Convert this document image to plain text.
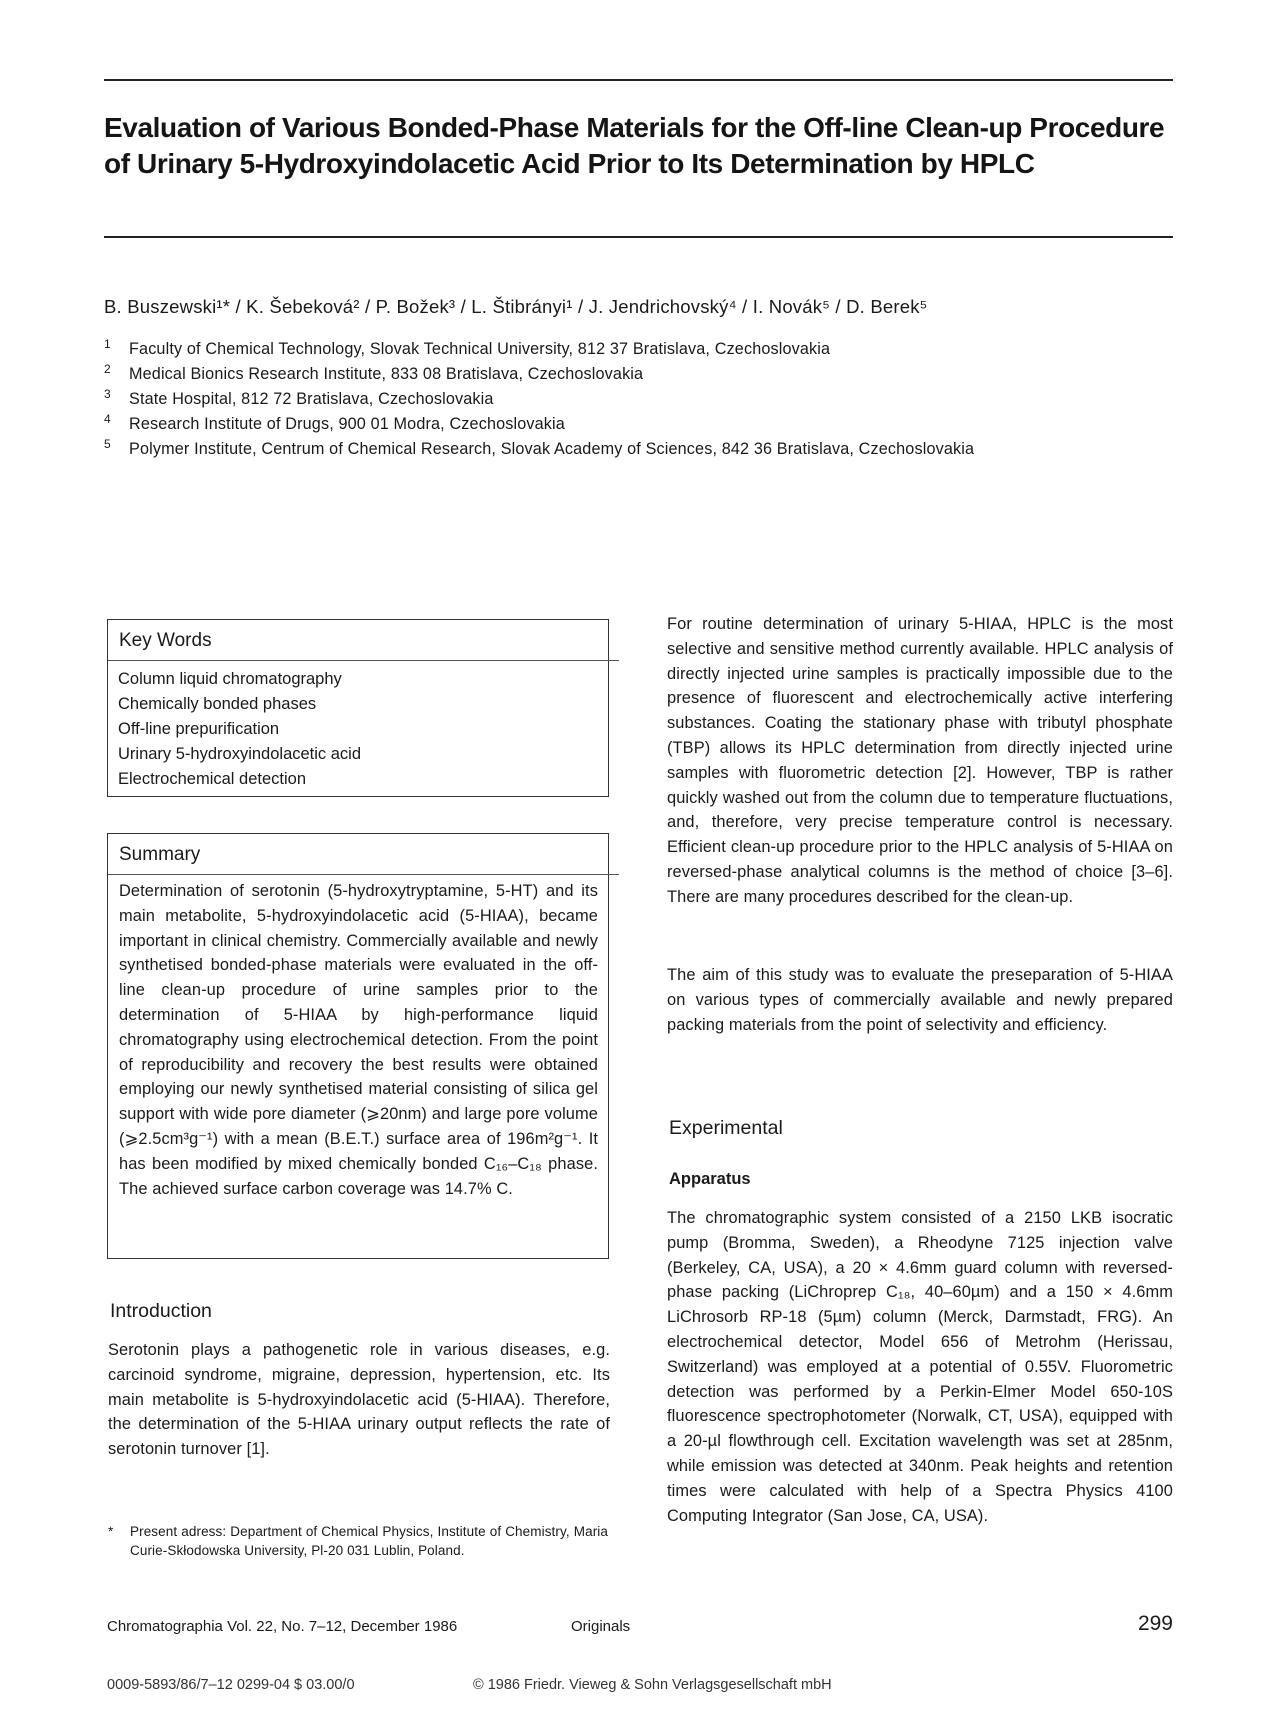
Evaluation of Various Bonded-Phase Materials for the Off-line Clean-up Procedure of Urinary 5-Hydroxyindolacetic Acid Prior to Its Determination by HPLC
B. Buszewski¹* / K. Šebeková² / P. Božek³ / L. Štibrányi¹ / J. Jendrichovský⁴ / I. Novák⁵ / D. Berek⁵
$^1$ Faculty of Chemical Technology, Slovak Technical University, 812 37 Bratislava, Czechoslovakia
$^2$ Medical Bionics Research Institute, 833 08 Bratislava, Czechoslovakia
$^3$ State Hospital, 812 72 Bratislava, Czechoslovakia
$^4$ Research Institute of Drugs, 900 01 Modra, Czechoslovakia
$^5$ Polymer Institute, Centrum of Chemical Research, Slovak Academy of Sciences, 842 36 Bratislava, Czechoslovakia
Key Words
Column liquid chromatography
Chemically bonded phases
Off-line prepurification
Urinary 5-hydroxyindolacetic acid
Electrochemical detection
Summary
Determination of serotonin (5-hydroxytryptamine, 5-HT) and its main metabolite, 5-hydroxyindolacetic acid (5-HIAA), became important in clinical chemistry. Commercially available and newly synthetised bonded-phase materials were evaluated in the off-line clean-up procedure of urine samples prior to the determination of 5-HIAA by high-performance liquid chromatography using electrochemical detection. From the point of reproducibility and recovery the best results were obtained employing our newly synthetised material consisting of silica gel support with wide pore diameter (⩾20nm) and large pore volume (⩾2.5cm³g⁻¹) with a mean (B.E.T.) surface area of 196m²g⁻¹. It has been modified by mixed chemically bonded C₁₆–C₁₈ phase. The achieved surface carbon coverage was 14.7% C.
Introduction
Serotonin plays a pathogenetic role in various diseases, e.g. carcinoid syndrome, migraine, depression, hypertension, etc. Its main metabolite is 5-hydroxyindolacetic acid (5-HIAA). Therefore, the determination of the 5-HIAA urinary output reflects the rate of serotonin turnover [1].
*	Present adress: Department of Chemical Physics, Institute of Chemistry, Maria Curie-Skłodowska University, Pl-20 031 Lublin, Poland.
For routine determination of urinary 5-HIAA, HPLC is the most selective and sensitive method currently available. HPLC analysis of directly injected urine samples is practically impossible due to the presence of fluorescent and electrochemically active interfering substances. Coating the stationary phase with tributyl phosphate (TBP) allows its HPLC determination from directly injected urine samples with fluorometric detection [2]. However, TBP is rather quickly washed out from the column due to temperature fluctuations, and, therefore, very precise temperature control is necessary. Efficient clean-up procedure prior to the HPLC analysis of 5-HIAA on reversed-phase analytical columns is the method of choice [3–6]. There are many procedures described for the clean-up.
The aim of this study was to evaluate the preseparation of 5-HIAA on various types of commercially available and newly prepared packing materials from the point of selectivity and efficiency.
Experimental
Apparatus
The chromatographic system consisted of a 2150 LKB isocratic pump (Bromma, Sweden), a Rheodyne 7125 injection valve (Berkeley, CA, USA), a 20 × 4.6mm guard column with reversed-phase packing (LiChroprep C₁₈, 40–60µm) and a 150 × 4.6mm LiChrosorb RP-18 (5µm) column (Merck, Darmstadt, FRG). An electrochemical detector, Model 656 of Metrohm (Herissau, Switzerland) was employed at a potential of 0.55V. Fluorometric detection was performed by a Perkin-Elmer Model 650-10S fluorescence spectrophotometer (Norwalk, CT, USA), equipped with a 20-µl flowthrough cell. Excitation wavelength was set at 285nm, while emission was detected at 340nm. Peak heights and retention times were calculated with help of a Spectra Physics 4100 Computing Integrator (San Jose, CA, USA).
Chromatographia Vol. 22, No. 7–12, December 1986	Originals	299
0009-5893/86/7–12 0299-04 $ 03.00/0	© 1986 Friedr. Vieweg & Sohn Verlagsgesellschaft mbH
